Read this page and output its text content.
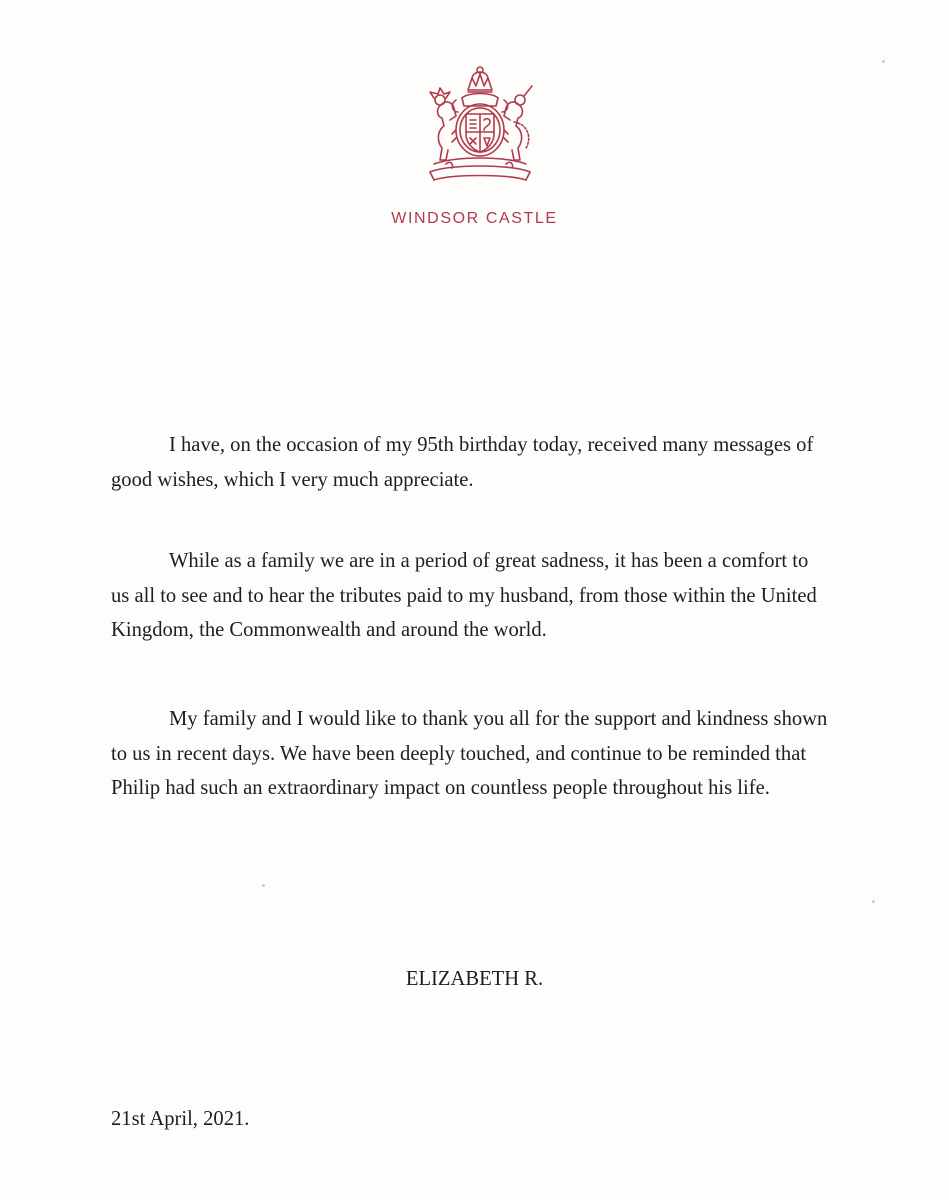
WINDSOR CASTLE

I have, on the occasion of my 95th birthday today, received many messages of good wishes, which I very much appreciate.

While as a family we are in a period of great sadness, it has been a comfort to us all to see and to hear the tributes paid to my husband, from those within the United Kingdom, the Commonwealth and around the world.

My family and I would like to thank you all for the support and kindness shown to us in recent days. We have been deeply touched, and continue to be reminded that Philip had such an extraordinary impact on countless people throughout his life.

ELIZABETH R.
21st April, 2021.
